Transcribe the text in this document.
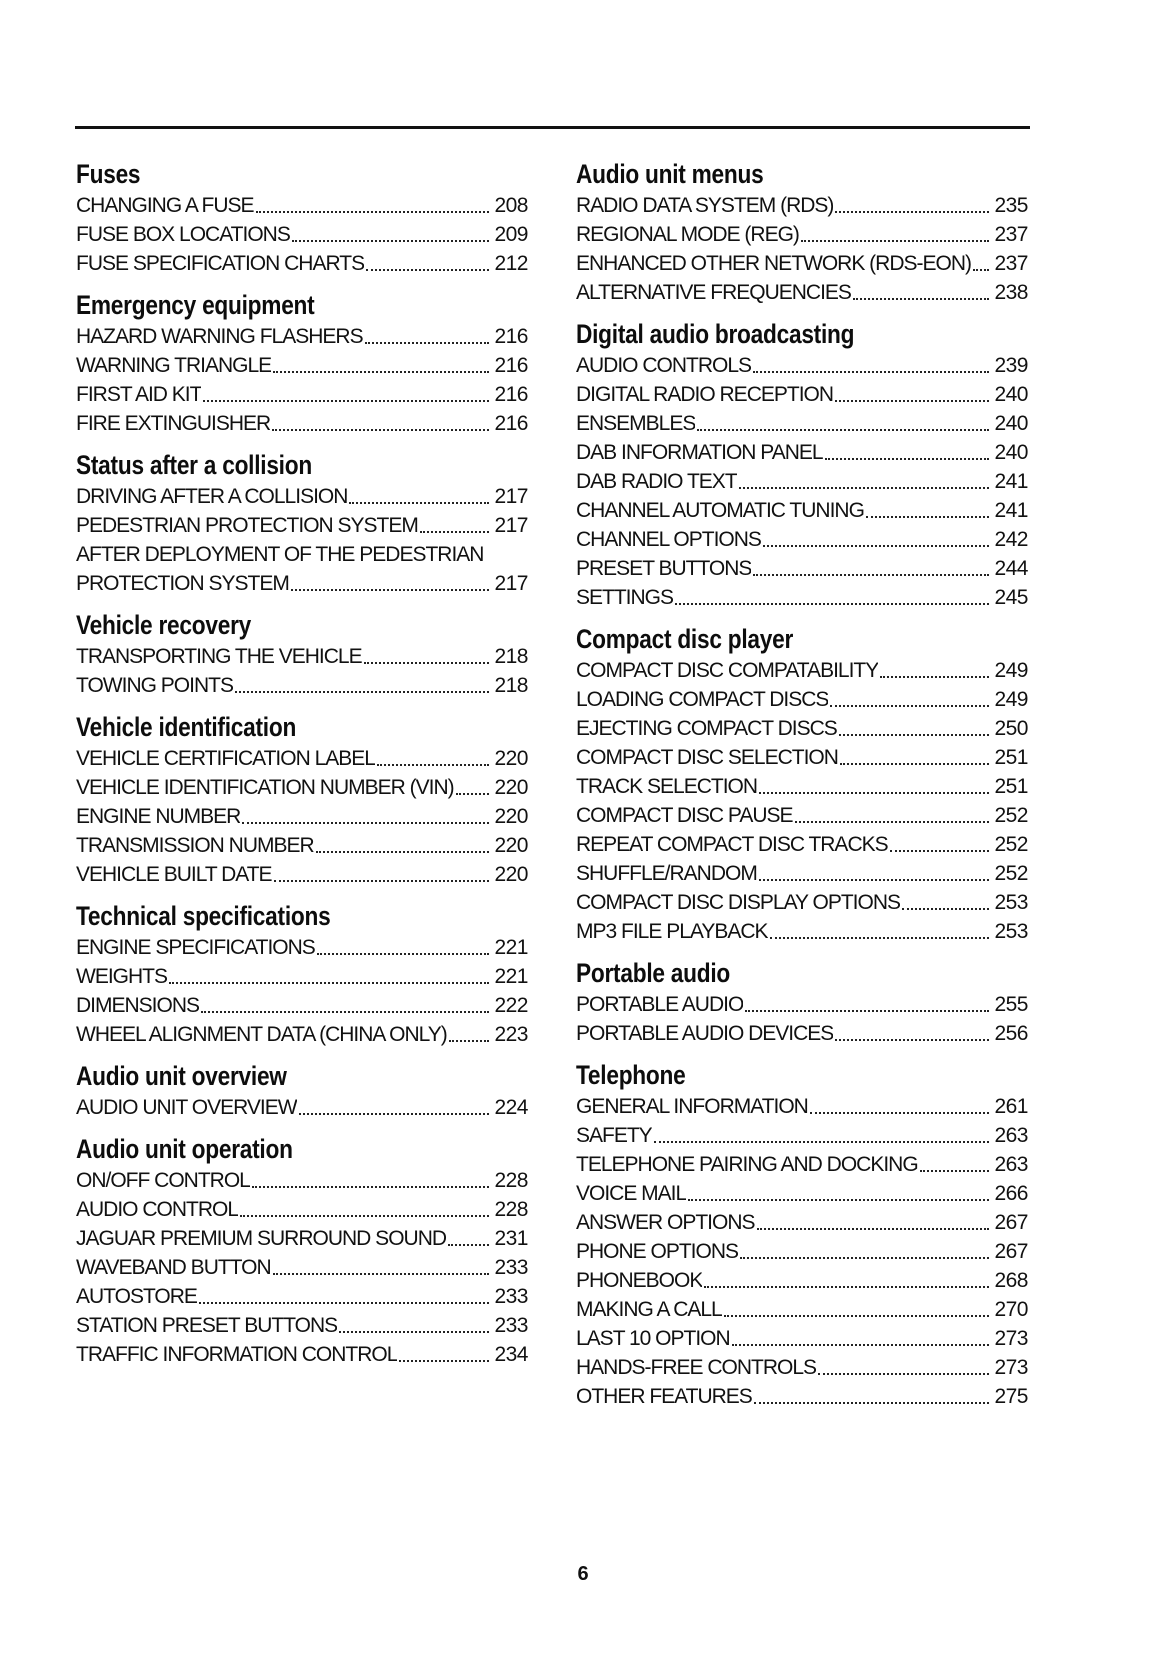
Fuses
CHANGING A FUSE	208
FUSE BOX LOCATIONS	209
FUSE SPECIFICATION CHARTS	212
Emergency equipment
HAZARD WARNING FLASHERS	216
WARNING TRIANGLE	216
FIRST AID KIT	216
FIRE EXTINGUISHER	216
Status after a collision
DRIVING AFTER A COLLISION	217
PEDESTRIAN PROTECTION SYSTEM	217
AFTER DEPLOYMENT OF THE PEDESTRIAN
PROTECTION SYSTEM	217
Vehicle recovery
TRANSPORTING THE VEHICLE	218
TOWING POINTS	218
Vehicle identification
VEHICLE CERTIFICATION LABEL	220
VEHICLE IDENTIFICATION NUMBER (VIN) 220
ENGINE NUMBER	220
TRANSMISSION NUMBER	220
VEHICLE BUILT DATE	220
Technical specifications
ENGINE SPECIFICATIONS	221
WEIGHTS	221
DIMENSIONS	222
WHEEL ALIGNMENT DATA (CHINA ONLY) 223
Audio unit overview
AUDIO UNIT OVERVIEW	224
Audio unit operation
ON/OFF CONTROL	228
AUDIO CONTROL	228
JAGUAR PREMIUM SURROUND SOUND 231
WAVEBAND BUTTON	233
AUTOSTORE	233
STATION PRESET BUTTONS	233
TRAFFIC INFORMATION CONTROL	234
Audio unit menus
RADIO DATA SYSTEM (RDS)	235
REGIONAL MODE (REG)	237
ENHANCED OTHER NETWORK (RDS-EON) 237
ALTERNATIVE FREQUENCIES	238
Digital audio broadcasting
AUDIO CONTROLS	239
DIGITAL RADIO RECEPTION	240
ENSEMBLES	240
DAB INFORMATION PANEL	240
DAB RADIO TEXT	241
CHANNEL AUTOMATIC TUNING	241
CHANNEL OPTIONS	242
PRESET BUTTONS	244
SETTINGS	245
Compact disc player
COMPACT DISC COMPATABILITY	249
LOADING COMPACT DISCS	249
EJECTING COMPACT DISCS	250
COMPACT DISC SELECTION	251
TRACK SELECTION	251
COMPACT DISC PAUSE	252
REPEAT COMPACT DISC TRACKS	252
SHUFFLE/RANDOM	252
COMPACT DISC DISPLAY OPTIONS	253
MP3 FILE PLAYBACK	253
Portable audio
PORTABLE AUDIO	255
PORTABLE AUDIO DEVICES	256
Telephone
GENERAL INFORMATION	261
SAFETY	263
TELEPHONE PAIRING AND DOCKING	263
VOICE MAIL	266
ANSWER OPTIONS	267
PHONE OPTIONS	267
PHONEBOOK	268
MAKING A CALL	270
LAST 10 OPTION	273
HANDS-FREE CONTROLS	273
OTHER FEATURES	275
6
